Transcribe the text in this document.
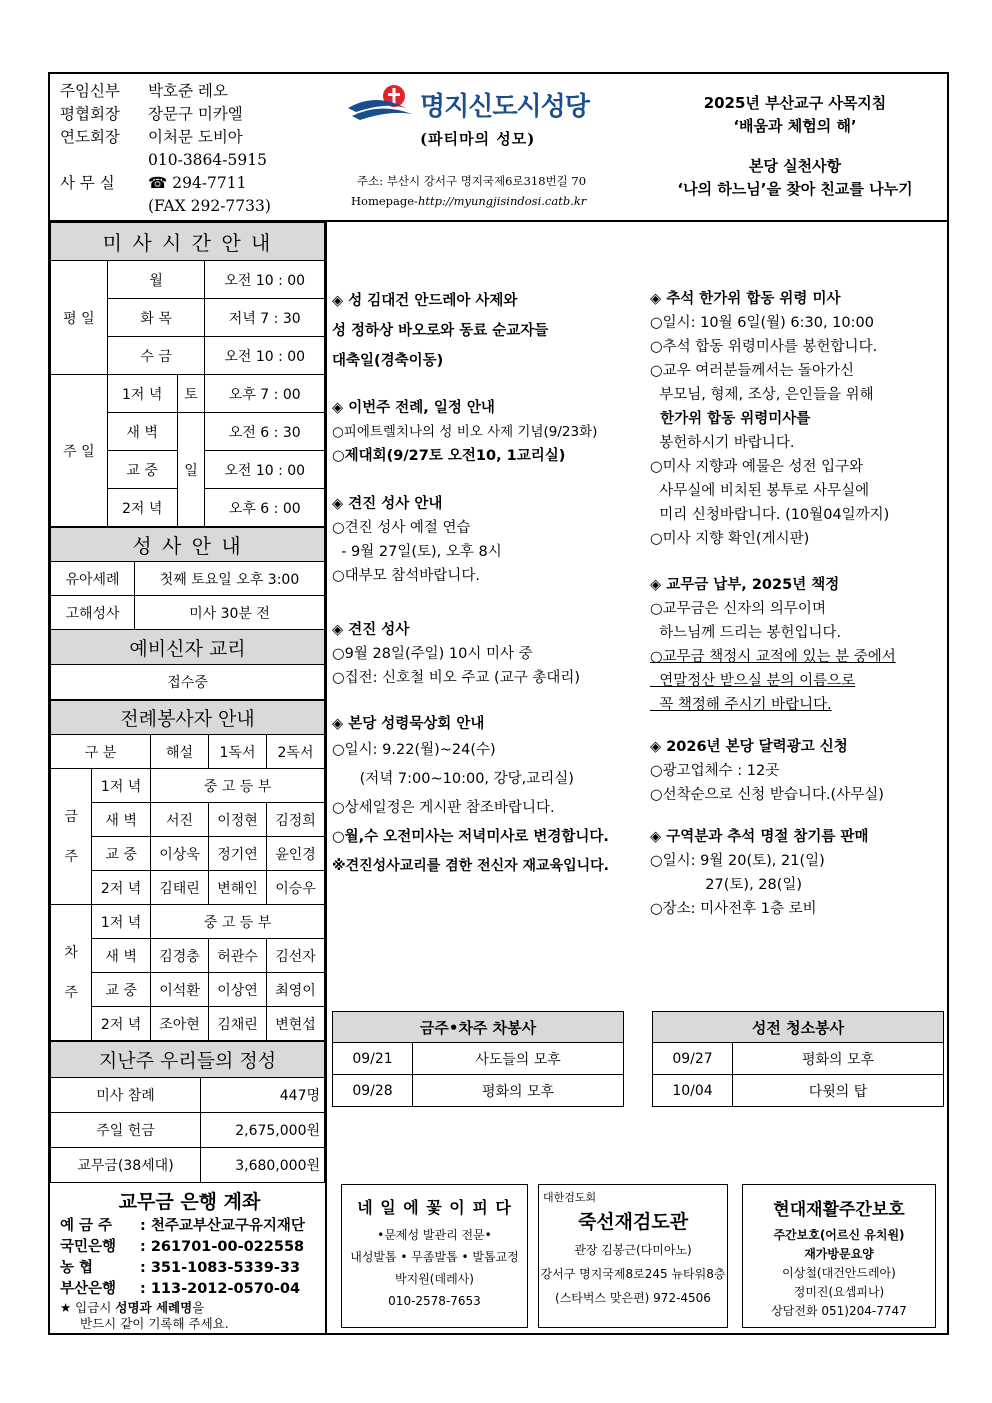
주임신부 박호준 레오
평협회장 장문구 미카엘
연도회장 이처문 도비아
010-3864-5915
사 무 실 ☎ 294-7711
(FAX 292-7733)
명지신도시성당
(파티마의 성모)
주소: 부산시 강서구 명지국제6로318번길 70
Homepage-http://myungjisindosi.catb.kr
2025년 부산교구 사목지침
‘배움과 체험의 해’
본당 실천사항
‘나의 하느님’을 찾아 친교를 나누기
미 사 시 간 안 내			
평 일	월		오전 10 : 00
	화 목		저녁 7 : 30
	수 금		오전 10 : 00
주 일	1저 녁	토	오후 7 : 00
	새 벽	일	오전 6 : 30
	교 중		오전 10 : 00
	2저 녁		오후 6 : 00
성 사 안 내	
유아세례	첫째 토요일 오후 3:00
고해성사	미사 30분 전
예비신자 교리	
접수중	
전례봉사자 안내				
구 분		해설	1독서	2독서

금
주	1저 녁	중 고 등 부		
	새 벽	서진	이정현	김정희
	교 중	이상욱	정기연	윤인경
	2저 녁	김태린	변해인	이승우

차
주	1저 녁	중 고 등 부		
	새 벽	김경충	허관수	김선자
	교 중	이석환	이상연	최영이
	2저 녁	조아현	김채린	변현섭
지난주 우리들의 정성	
미사 참례	447명
주일 헌금	2,675,000원
교무금(38세대)	3,680,000원
교무금 은행 계좌
예 금 주 : 천주교부산교구유지재단
국민은행 : 261701-00-022558
농 협	: 351-1083-5339-33
부산은행 : 113-2012-0570-04
★ 입금시 성명과 세례명을
반드시 같이 기록해 주세요.
◈ 성 김대건 안드레아 사제와
성 정하상 바오로와 동료 순교자들
대축일(경축이동)
◈ 이번주 전례, 일정 안내
○피에트렐치나의 성 비오 사제 기념(9/23화)
○제대회(9/27토 오전10, 1교리실)
◈ 견진 성사 안내
○견진 성사 예절 연습
- 9월 27일(토), 오후 8시
○대부모 참석바랍니다.
◈ 견진 성사
○9월 28일(주일) 10시 미사 중
○집전: 신호철 비오 주교 (교구 총대리)
◈ 본당 성령묵상회 안내
○일시: 9.22(월)~24(수)
(저녁 7:00~10:00, 강당,교리실)
○상세일정은 게시판 참조바랍니다.
○월,수 오전미사는 저녁미사로 변경합니다.
※견진성사교리를 겸한 전신자 재교육입니다.
◈ 추석 한가위 합동 위령 미사
○일시: 10월 6일(월) 6:30, 10:00
○추석 합동 위령미사를 봉헌합니다.
○교우 여러분들께서는 돌아가신
부모님, 형제, 조상, 은인들을 위해
한가위 합동 위령미사를
봉헌하시기 바랍니다.
○미사 지향과 예물은 성전 입구와
사무실에 비치된 봉투로 사무실에
미리 신청바랍니다. (10월04일까지)
○미사 지향 확인(게시판)
◈ 교무금 납부, 2025년 책정
○교무금은 신자의 의무이며
하느님께 드리는 봉헌입니다.
○교무금 책정시 교적에 있는 분 중에서
연말정산 받으실 분의 이름으로
꼭 책정해 주시기 바랍니다.
◈ 2026년 본당 달력광고 신청
○광고업체수 : 12곳
○선착순으로 신청 받습니다.(사무실)
◈ 구역분과 추석 명절 참기름 판매
○일시: 9월 20(토), 21(일)
27(토), 28(일)
○장소: 미사전후 1층 로비
금주•차주 차봉사	
09/21	사도들의 모후
09/28	평화의 모후
성전 청소봉사	
09/27	평화의 모후
10/04	다윗의 탑
네 일 에 꽃 이 피 다
•문제성 발관리 전문•
내성발톱 • 무좀발톱 • 발톱교정
박지원(데레사)
010-2578-7653
대한검도회
죽선재검도관
관장 김봉근(다미아노)
강서구 명지국제8로245 뉴타워8층
(스타벅스 맞은편) 972-4506
현대재활주간보호
주간보호(어르신 유치원)
재가방문요양
이상철(대건안드레아)
정미진(요셉피나)
상담전화 051)204-7747
